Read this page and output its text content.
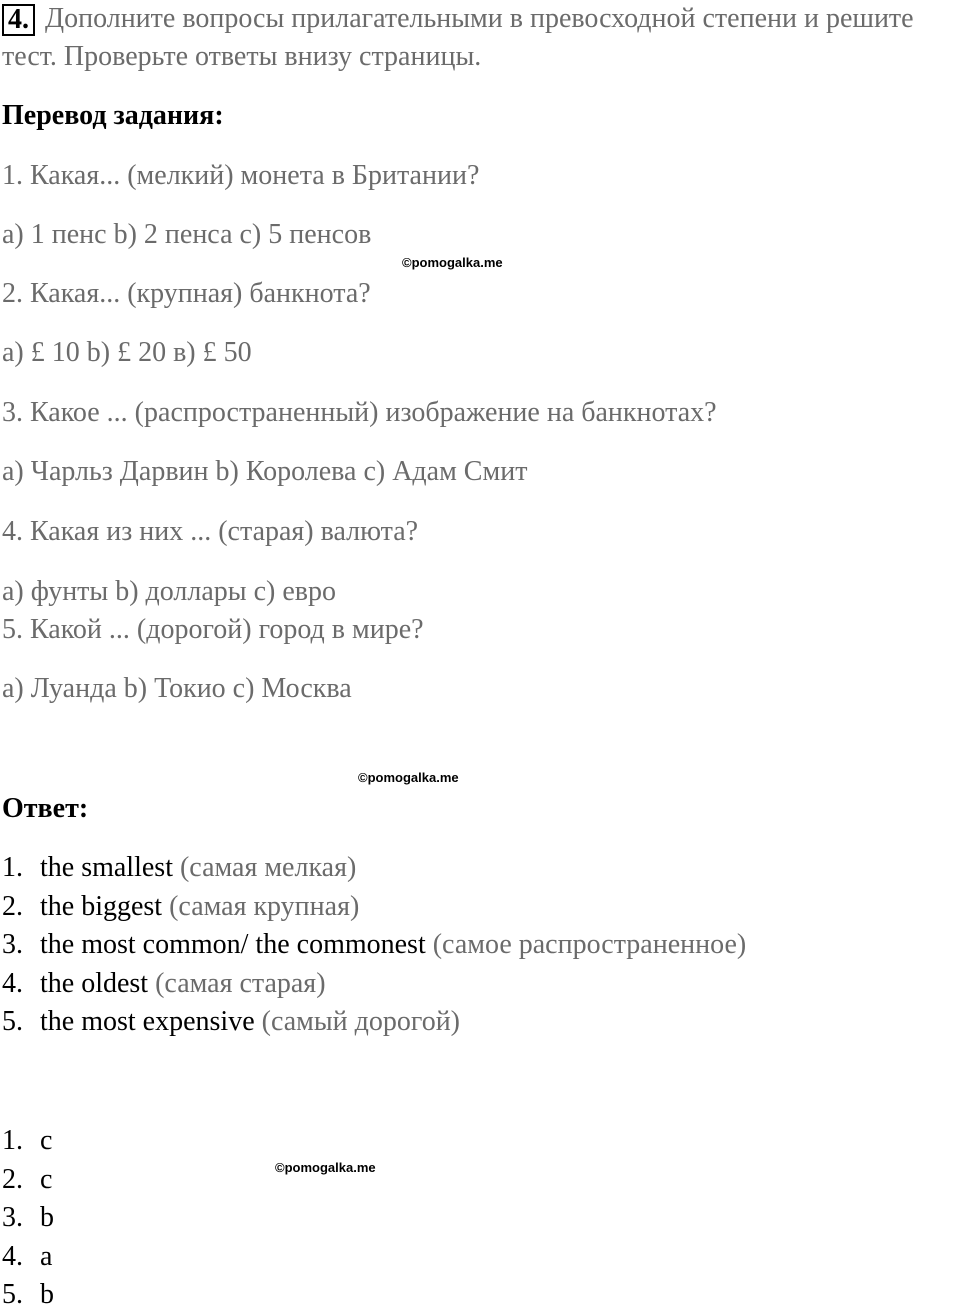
4. Дополните вопросы прилагательными в превосходной степени и решите
тест. Проверьте ответы внизу страницы.
Перевод задания:
1. Какая... (мелкий) монета в Британии?
a) 1 пенс b) 2 пенса c) 5 пенсов
©pomogalka.me
2. Какая... (крупная) банкнота?
a) £ 10 b) £ 20 в) £ 50
3. Какое ... (распространенный) изображение на банкнотах?
a) Чарльз Дарвин b) Королева c) Адам Смит
4. Какая из них ... (старая) валюта?
a) фунты b) доллары c) евро
5. Какой ... (дорогой) город в мире?
a) Луанда b) Токио c) Москва
©pomogalka.me
Ответ:
1. the smallest (самая мелкая)
2. the biggest (самая крупная)
3. the most common/ the commonest (самое распространенное)
4. the oldest (самая старая)
5. the most expensive (самый дорогой)
1. c
©pomogalka.me
2. c
3. b
4. a
5. b
